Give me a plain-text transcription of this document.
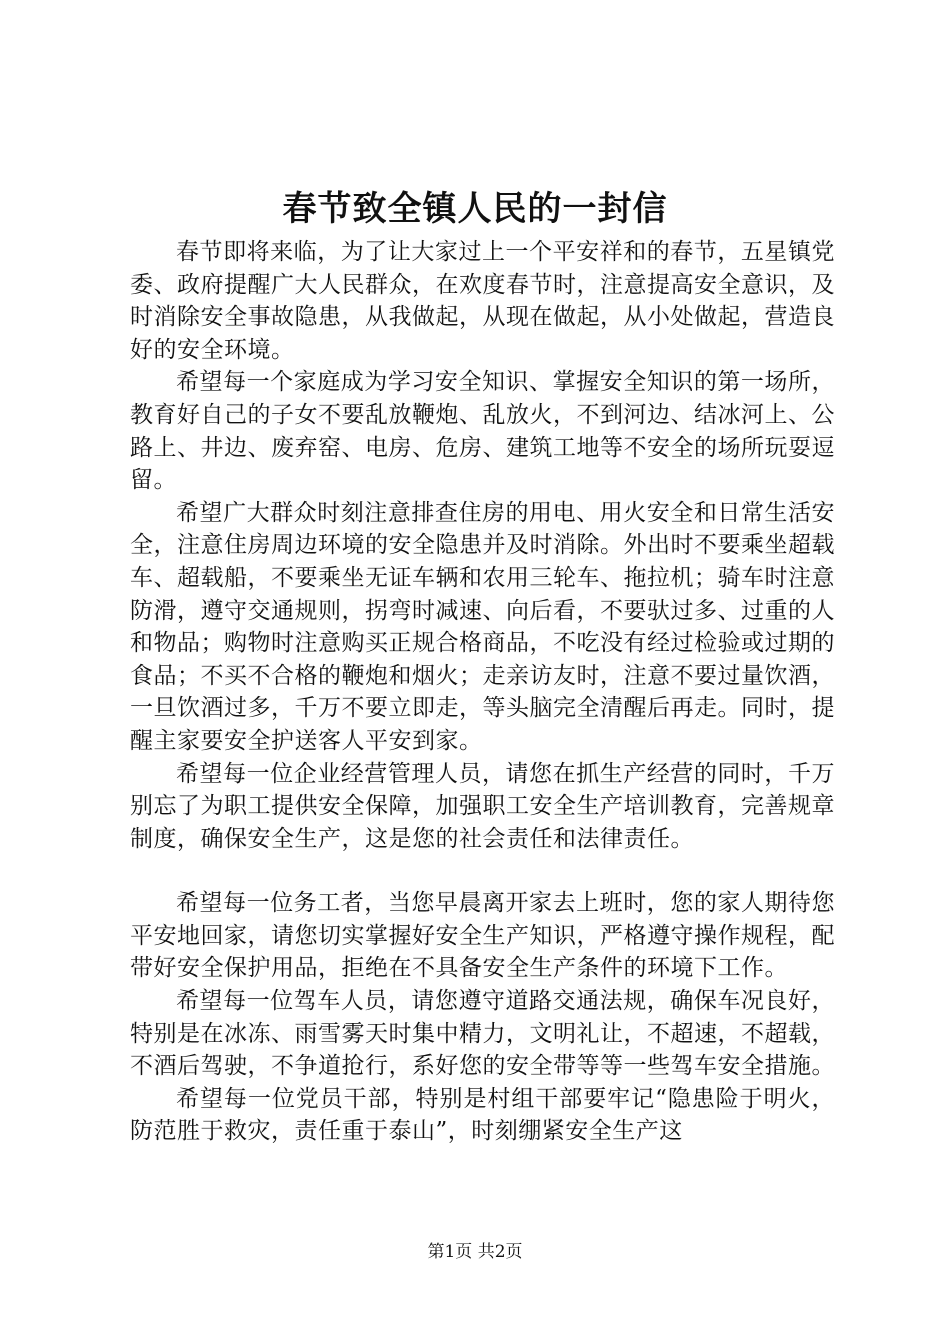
春节致全镇人民的一封信

春节即将来临，为了让大家过上一个平安祥和的春节，五星镇党委、政府提醒广大人民群众，在欢度春节时，注意提高安全意识，及时消除安全事故隐患，从我做起，从现在做起，从小处做起，营造良好的安全环境。

希望每一个家庭成为学习安全知识、掌握安全知识的第一场所，教育好自己的子女不要乱放鞭炮、乱放火，不到河边、结冰河上、公路上、井边、废弃窑、电房、危房、建筑工地等不安全的场所玩耍逗留。

希望广大群众时刻注意排查住房的用电、用火安全和日常生活安全，注意住房周边环境的安全隐患并及时消除。外出时不要乘坐超载车、超载船，不要乘坐无证车辆和农用三轮车、拖拉机；骑车时注意防滑，遵守交通规则，拐弯时减速、向后看，不要驮过多、过重的人和物品；购物时注意购买正规合格商品，不吃没有经过检验或过期的食品；不买不合格的鞭炮和烟火；走亲访友时，注意不要过量饮酒，一旦饮酒过多，千万不要立即走，等头脑完全清醒后再走。同时，提醒主家要安全护送客人平安到家。

希望每一位企业经营管理人员，请您在抓生产经营的同时，千万别忘了为职工提供安全保障，加强职工安全生产培训教育，完善规章制度，确保安全生产，这是您的社会责任和法律责任。

希望每一位务工者，当您早晨离开家去上班时，您的家人期待您平安地回家，请您切实掌握好安全生产知识，严格遵守操作规程，配带好安全保护用品，拒绝在不具备安全生产条件的环境下工作。

希望每一位驾车人员，请您遵守道路交通法规，确保车况良好，特别是在冰冻、雨雪雾天时集中精力，文明礼让，不超速，不超载，不酒后驾驶，不争道抢行，系好您的安全带等等一些驾车安全措施。

希望每一位党员干部，特别是村组干部要牢记“隐患险于明火，防范胜于救灾，责任重于泰山”，时刻绷紧安全生产这

第1页 共2页
